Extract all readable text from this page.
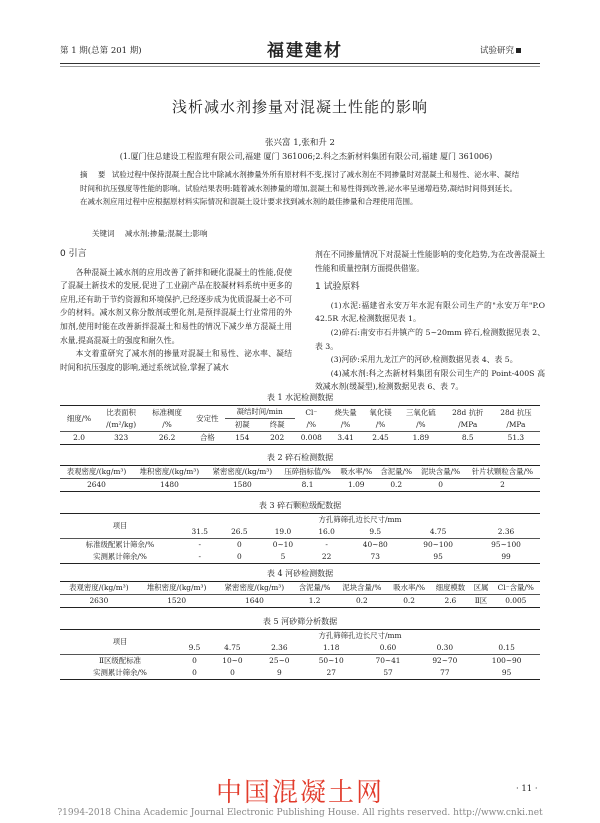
第 1 期(总第 201 期)	福建建材	试验研究
浅析减水剂掺量对混凝土性能的影响
张兴富 1,张和升 2
(1.厦门住总建设工程监理有限公司,福建 厦门 361006;2.科之杰新材料集团有限公司,福建 厦门 361006)
摘 要 试验过程中保持混凝土配合比中除减水剂掺量外所有原材料不变,探讨了减水剂在不同掺量时对混凝土和易性、泌水率、凝结时间和抗压强度等性能的影响。试验结果表明:随着减水剂掺量的增加,混凝土和易性得到改善,泌水率呈递增趋势,凝结时间得到延长。在减水剂应用过程中应根据原材料实际情况和混凝土设计要求找到减水剂的最佳掺量和合理使用范围。
关键词 减水剂;掺量;混凝土;影响
0 引言

各种混凝土减水剂的应用改善了新拌和硬化混凝土的性能,促使了混凝土新技术的发展,促进了工业副产品在胶凝材料系统中更多的应用,还有助于节约资源和环境保护,已经逐步成为优质混凝土必不可少的材料。减水剂又称分散剂或塑化剂,是预拌混凝土行业常用的外加剂,使用时能在改善新拌混凝土和易性的情况下减少单方混凝土用水量,提高混凝土的强度和耐久性。

本文着重研究了减水剂的掺量对混凝土和易性、泌水率、凝结时间和抗压强度的影响,通过系统试验,掌握了减水

剂在不同掺量情况下对混凝土性能影响的变化趋势,为在改善混凝土性能和质量控制方面提供借鉴。

1 试验原料

(1)水泥:福建省永安万年水泥有限公司生产的"永安万年"P.O 42.5R 水泥,检测数据见表 1。

(2)碎石:南安市石井镇产的 5~20mm 碎石,检测数据见表 2、表 3。

(3)河砂:采用九龙江产的河砂,检测数据见表 4、表 5。

(4)减水剂:科之杰新材料集团有限公司生产的 Point-400S 高效减水剂(缓凝型),检测数据见表 6、表 7。

表 1 水泥检测数据
细度/%	比表面积
/(m²/kg)	标准稠度
/%	安定性	凝结时间/min		Cl⁻
/%	烧失量
/%	氧化镁
/%	三氧化硫
/%	28d 抗折
/MPa	28d 抗压
/MPa
				初凝	终凝						
2.0	323	26.2	合格	154	202	0.008	3.41	2.45	1.89	8.5	51.3
表 2 碎石检测数据
表观密度/(kg/m³)	堆积密度/(kg/m³)	紧密密度/(kg/m³)	压碎指标值/%	吸水率/%	含泥量/%	泥块含量/%	针片状颗粒含量/%
2640	1480	1580	8.1	1.09	0.2	0	2
表 3 碎石颗粒级配数据
项目	方孔筛筛孔边长尺寸/mm						
	31.5	26.5	19.0	16.0	9.5	4.75	2.36
标准级配累计筛余/%	-	0	0~10	-	40~80	90~100	95~100
实测累计筛余/%	-	0	5	22	73	95	99
表 4 河砂检测数据
表观密度/(kg/m³)	堆积密度/(kg/m³)	紧密密度/(kg/m³)	含泥量/%	泥块含量/%	吸水率/%	细度模数	区属	Cl⁻含量/%
2630	1520	1640	1.2	0.2	0.2	2.6	Ⅱ区	0.005
表 5 河砂筛分析数据
项目	方孔筛筛孔边长尺寸/mm						
	9.5	4.75	2.36	1.18	0.60	0.30	0.15
Ⅱ区级配标准	0	10~0	25~0	50~10	70~41	92~70	100~90
实测累计筛余/%	0	0	9	27	57	77	95
中国混凝土网	· 11 ·
?1994-2018 China Academic Journal Electronic Publishing House. All rights reserved. http://www.cnki.net
